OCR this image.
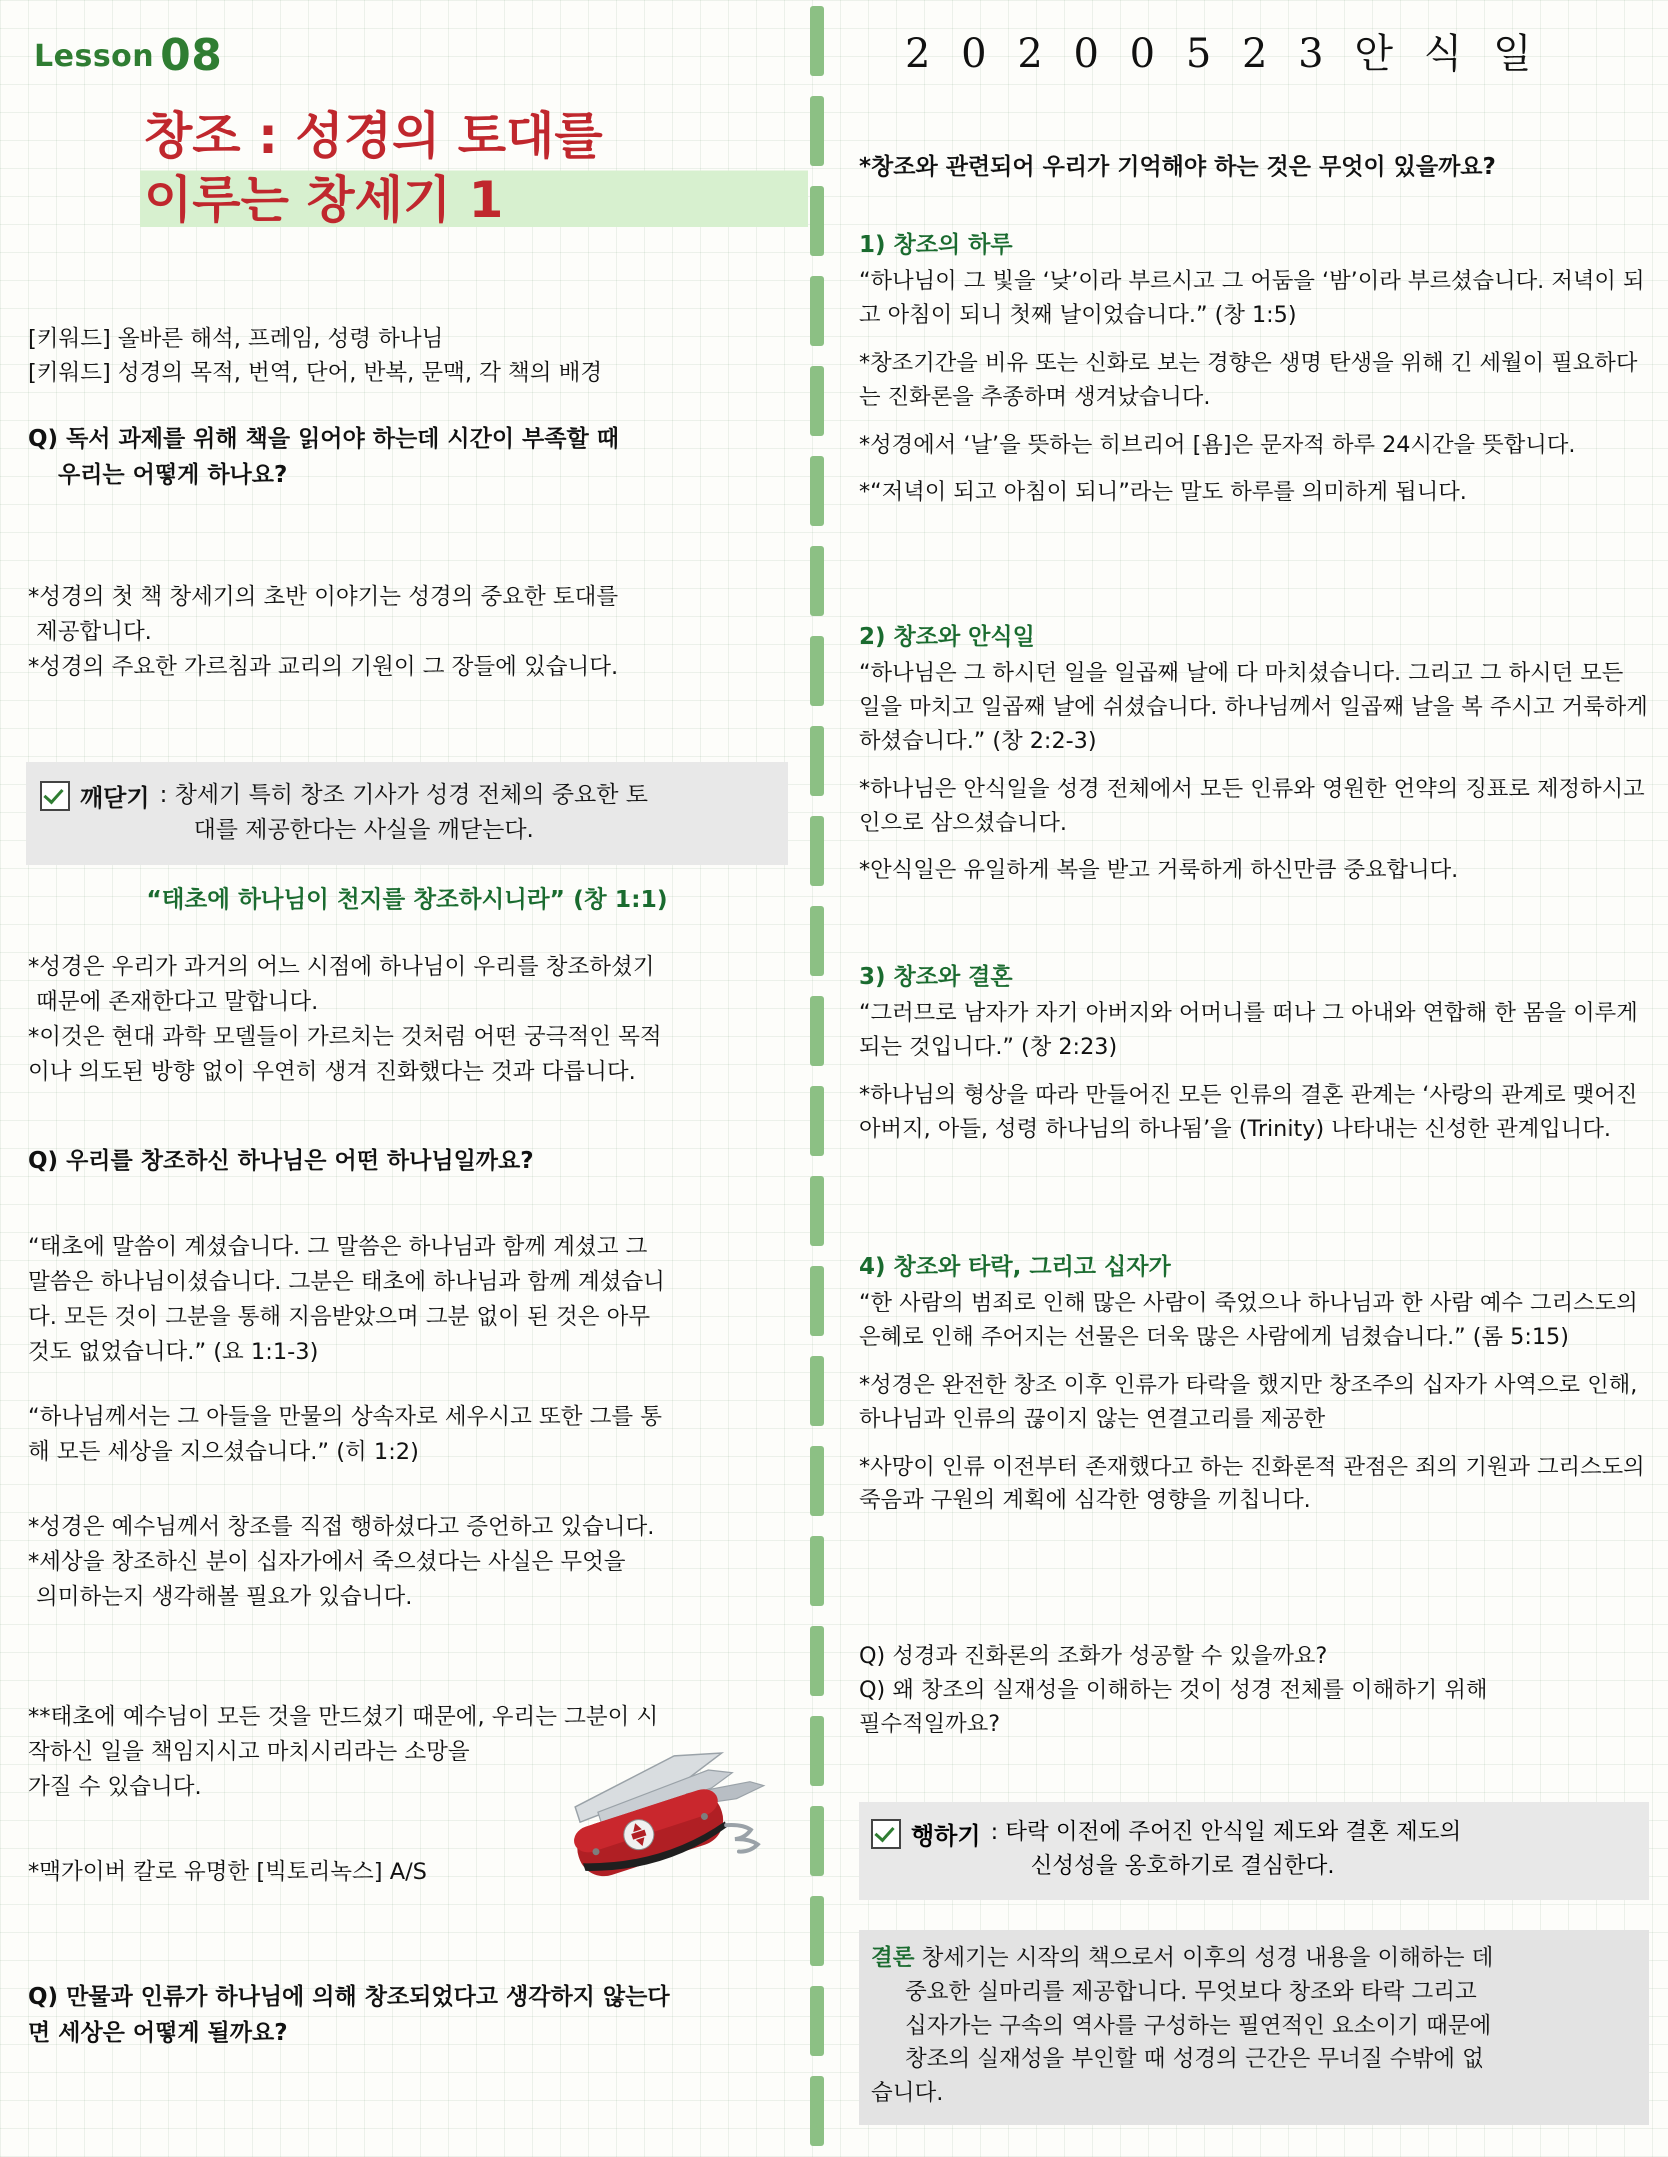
Lesson 08
창조 : 성경의 토대를
이루는 창세기 1
[키워드] 올바른 해석, 프레임, 성령 하나님
[키워드] 성경의 목적, 번역, 단어, 반복, 문맥, 각 책의 배경
Q) 독서 과제를 위해 책을 읽어야 하는데 시간이 부족할 때
우리는 어떻게 하나요?
*성경의 첫 책 창세기의 초반 이야기는 성경의 중요한 토대를
제공합니다.
*성경의 주요한 가르침과 교리의 기원이 그 장들에 있습니다.
깨닫기 : 창세기 특히 창조 기사가 성경 전체의 중요한 토
대를 제공한다는 사실을 깨닫는다.
“태초에 하나님이 천지를 창조하시니라” (창 1:1)
*성경은 우리가 과거의 어느 시점에 하나님이 우리를 창조하셨기
때문에 존재한다고 말합니다.
*이것은 현대 과학 모델들이 가르치는 것처럼 어떤 궁극적인 목적
이나 의도된 방향 없이 우연히 생겨 진화했다는 것과 다릅니다.
Q) 우리를 창조하신 하나님은 어떤 하나님일까요?
“태초에 말씀이 계셨습니다. 그 말씀은 하나님과 함께 계셨고 그
말씀은 하나님이셨습니다. 그분은 태초에 하나님과 함께 계셨습니
다. 모든 것이 그분을 통해 지음받았으며 그분 없이 된 것은 아무
것도 없었습니다.” (요 1:1-3)
“하나님께서는 그 아들을 만물의 상속자로 세우시고 또한 그를 통
해 모든 세상을 지으셨습니다.” (히 1:2)
*성경은 예수님께서 창조를 직접 행하셨다고 증언하고 있습니다.
*세상을 창조하신 분이 십자가에서 죽으셨다는 사실은 무엇을
의미하는지 생각해볼 필요가 있습니다.
**태초에 예수님이 모든 것을 만드셨기 때문에, 우리는 그분이 시
작하신 일을 책임지시고 마치시리라는 소망을
가질 수 있습니다.
*맥가이버 칼로 유명한 [빅토리녹스] A/S
Q) 만물과 인류가 하나님에 의해 창조되었다고 생각하지 않는다
면 세상은 어떻게 될까요?
2 0 2 0 0 5 2 3 안 식 일
*창조와 관련되어 우리가 기억해야 하는 것은 무엇이 있을까요?
1) 창조의 하루

“하나님이 그 빛을 ‘낮’이라 부르시고 그 어둠을 ‘밤’이라 부르셨습니다. 저녁이 되고 아침이 되니 첫째 날이었습니다.” (창 1:5)

*창조기간을 비유 또는 신화로 보는 경향은 생명 탄생을 위해 긴 세월이 필요하다는 진화론을 추종하며 생겨났습니다.

*성경에서 ‘날’을 뜻하는 히브리어 [욤]은 문자적 하루 24시간을 뜻합니다.

*“저녁이 되고 아침이 되니”라는 말도 하루를 의미하게 됩니다.

2) 창조와 안식일

“하나님은 그 하시던 일을 일곱째 날에 다 마치셨습니다. 그리고 그 하시던 모든 일을 마치고 일곱째 날에 쉬셨습니다. 하나님께서 일곱째 날을 복 주시고 거룩하게 하셨습니다.” (창 2:2-3)

*하나님은 안식일을 성경 전체에서 모든 인류와 영원한 언약의 징표로 제정하시고 인으로 삼으셨습니다.

*안식일은 유일하게 복을 받고 거룩하게 하신만큼 중요합니다.

3) 창조와 결혼

“그러므로 남자가 자기 아버지와 어머니를 떠나 그 아내와 연합해 한 몸을 이루게 되는 것입니다.” (창 2:23)

*하나님의 형상을 따라 만들어진 모든 인류의 결혼 관계는 ‘사랑의 관계로 맺어진 아버지, 아들, 성령 하나님의 하나됨’을 (Trinity) 나타내는 신성한 관계입니다.

4) 창조와 타락, 그리고 십자가

“한 사람의 범죄로 인해 많은 사람이 죽었으나 하나님과 한 사람 예수 그리스도의 은혜로 인해 주어지는 선물은 더욱 많은 사람에게 넘쳤습니다.” (롬 5:15)

*성경은 완전한 창조 이후 인류가 타락을 했지만 창조주의 십자가 사역으로 인해, 하나님과 인류의 끊이지 않는 연결고리를 제공한

*사망이 인류 이전부터 존재했다고 하는 진화론적 관점은 죄의 기원과 그리스도의 죽음과 구원의 계획에 심각한 영향을 끼칩니다.

Q) 성경과 진화론의 조화가 성공할 수 있을까요?
Q) 왜 창조의 실재성을 이해하는 것이 성경 전체를 이해하기 위해
필수적일까요?
행하기 : 타락 이전에 주어진 안식일 제도와 결혼 제도의
신성성을 옹호하기로 결심한다.
결론 창세기는 시작의 책으로서 이후의 성경 내용을 이해하는 데
중요한 실마리를 제공합니다. 무엇보다 창조와 타락 그리고
십자가는 구속의 역사를 구성하는 필연적인 요소이기 때문에
창조의 실재성을 부인할 때 성경의 근간은 무너질 수밖에 없
습니다.
